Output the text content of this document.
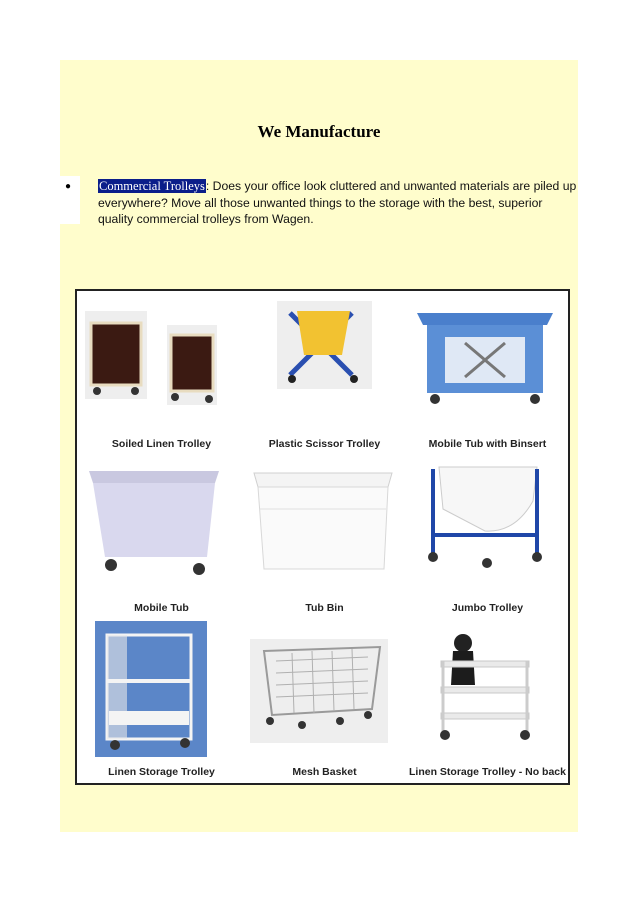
We Manufacture
● Commercial Trolleys: Does your office look cluttered and unwanted materials are piled up everywhere? Move all those unwanted things to the storage with the best, superior quality commercial trolleys from Wagen.
Soiled Linen Trolley	Plastic Scissor Trolley	Mobile Tub with Binsert
Mobile Tub	Tub Bin	Jumbo Trolley
Linen Storage Trolley	Mesh Basket	Linen Storage Trolley - No back
